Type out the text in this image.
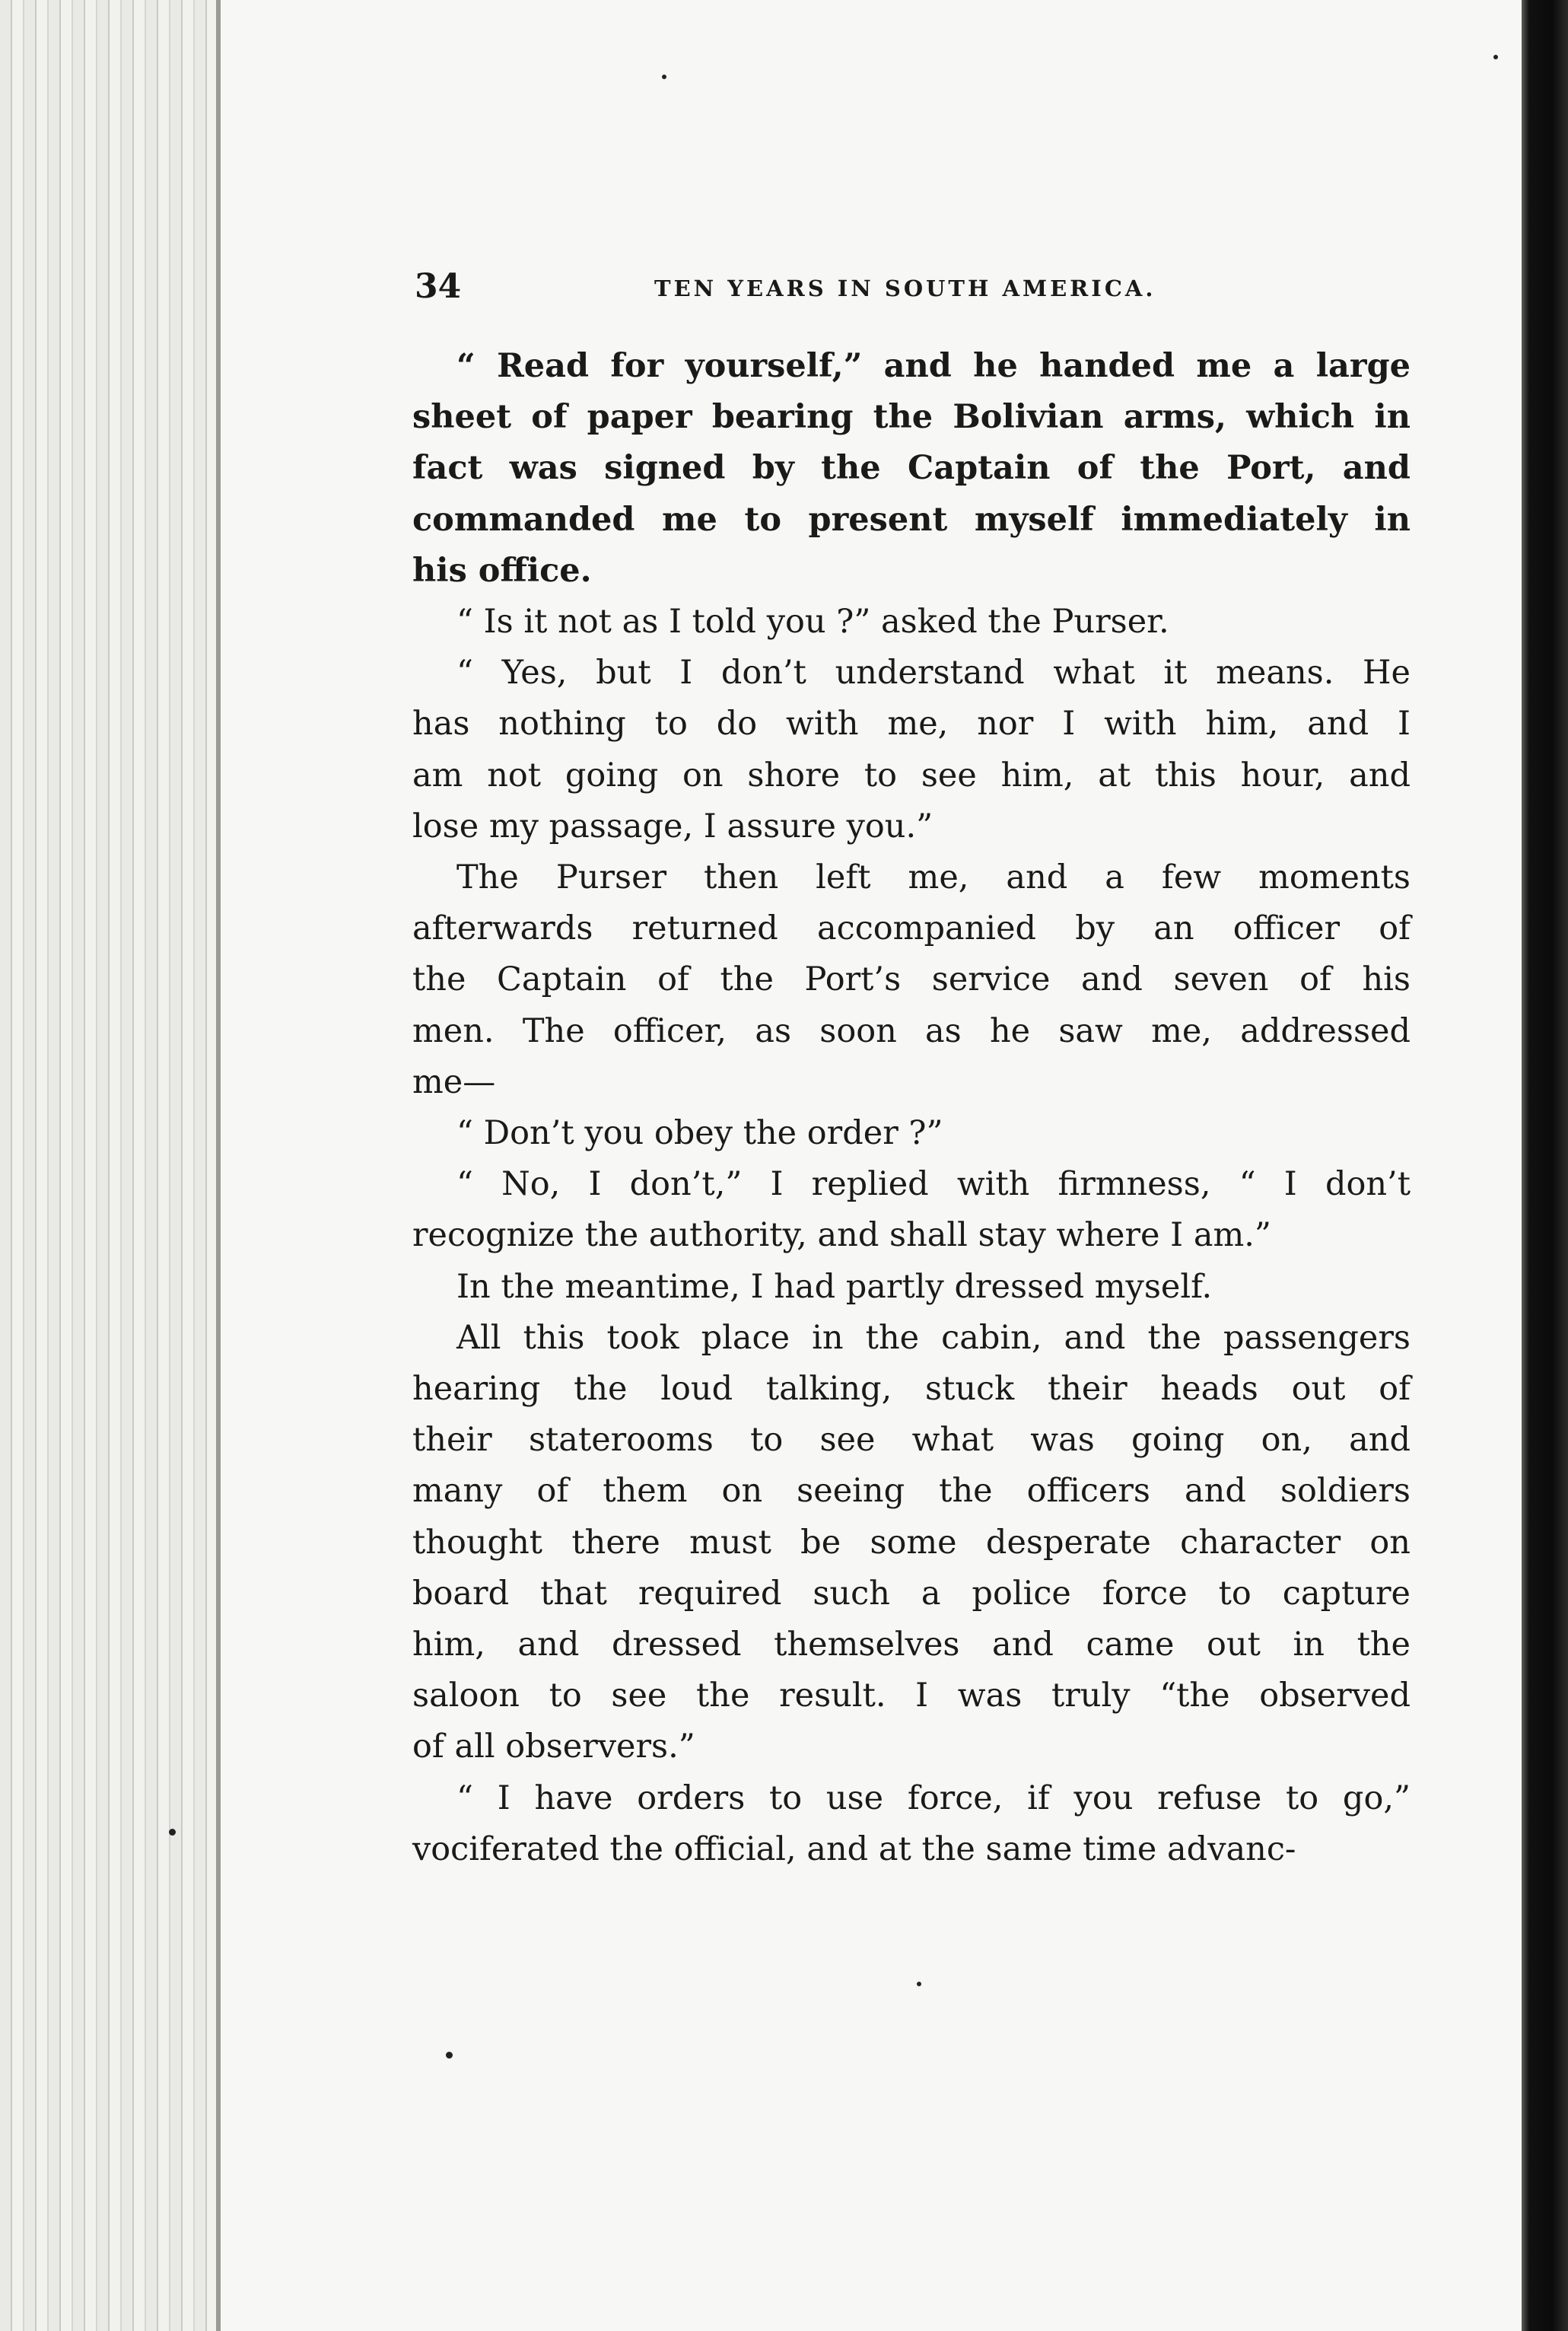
34	TEN YEARS IN SOUTH AMERICA.
“ Read for yourself,” and he handed me a large
sheet of paper bearing the Bolivian arms, which in
fact was signed by the Captain of the Port, and
commanded me to present myself immediately in
his office.
“ Is it not as I told you ?” asked the Purser.
“ Yes, but I don’t understand what it means. He
has nothing to do with me, nor I with him, and I
am not going on shore to see him, at this hour, and
lose my passage, I assure you.”
The Purser then left me, and a few moments
afterwards returned accompanied by an officer of
the Captain of the Port’s service and seven of his
men. The officer, as soon as he saw me, addressed
me—
“ Don’t you obey the order ?”
“ No, I don’t,” I replied with firmness, “ I don’t
recognize the authority, and shall stay where I am.”
In the meantime, I had partly dressed myself.
All this took place in the cabin, and the passengers
hearing the loud talking, stuck their heads out of
their staterooms to see what was going on, and
many of them on seeing the officers and soldiers
thought there must be some desperate character on
board that required such a police force to capture
him, and dressed themselves and came out in the
saloon to see the result. I was truly “the observed
of all observers.”
“ I have orders to use force, if you refuse to go,”
vociferated the official, and at the same time advanc-
